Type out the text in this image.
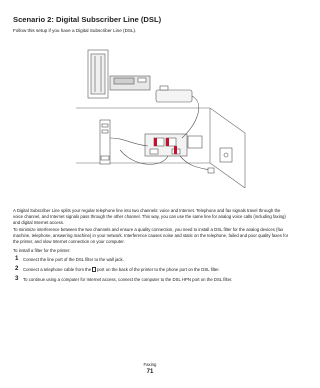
Scenario 2: Digital Subscriber Line (DSL)

Follow this setup if you have a Digital Subscriber Line (DSL).

A Digital Subscriber Line splits your regular telephone line into two channels: voice and Internet. Telephone and fax signals travel through the voice channel, and Internet signals pass through the other channel. This way, you can use the same line for analog voice calls (including faxing) and digital Internet access.

To minimize interference between the two channels and ensure a quality connection, you need to install a DSL filter for the analog devices (fax machine, telephone, answering machine) in your network. Interference causes noise and static on the telephone, failed and poor quality faxes for the printer, and slow Internet connection on your computer.

To install a filter for the printer:

1 Connect the line port of the DSL filter to the wall jack.
2 Connect a telephone cable from the port on the back of the printer to the phone port on the DSL filter.
3 To continue using a computer for Internet access, connect the computer to the DSL HPN port on the DSL filter.

Faxing

71
